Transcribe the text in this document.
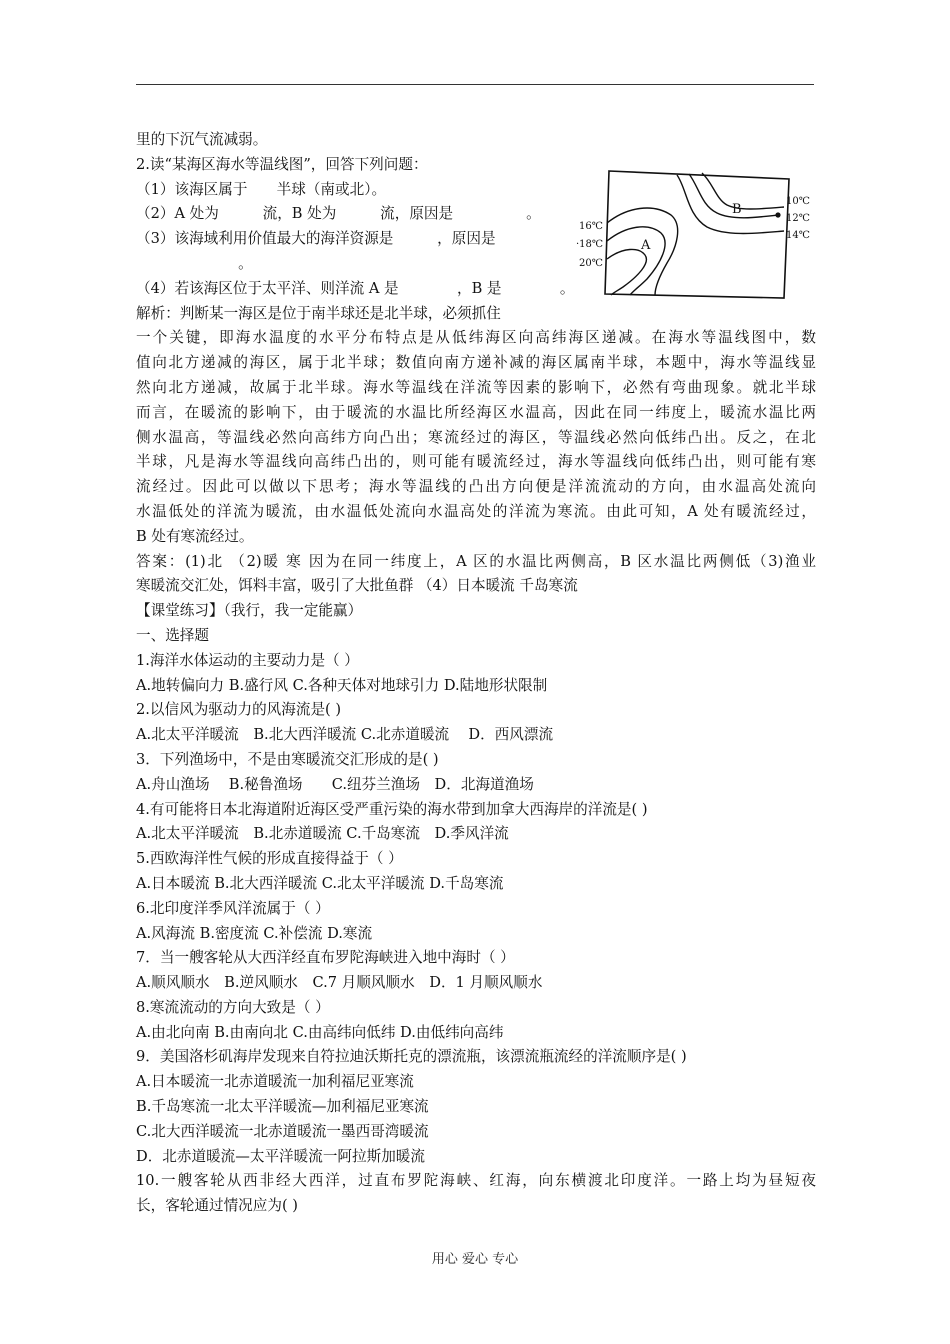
里的下沉气流减弱。
2.读“某海区海水等温线图”，回答下列问题：
（1）该海区属于　　半球（南或北）。
（2）A 处为　　　流，B 处为　　　流，原因是　　　　　。
（3）该海域利用价值最大的海洋资源是　　　，原因是
　　　　　　　。
（4）若该海区位于太平洋、则洋流 A 是　　　　，B 是　　　　。
解析：判断某一海区是位于南半球还是北半球，必须抓住
一个关键，即海水温度的水平分布特点是从低纬海区向高纬海区递减。在海水等温线图中，数
值向北方递减的海区，属于北半球；数值向南方递补减的海区属南半球，本题中，海水等温线显
然向北方递减，故属于北半球。海水等温线在洋流等因素的影响下，必然有弯曲现象。就北半球
而言，在暖流的影响下，由于暖流的水温比所经海区水温高，因此在同一纬度上，暖流水温比两
侧水温高，等温线必然向高纬方向凸出；寒流经过的海区，等温线必然向低纬凸出。反之，在北
半球，凡是海水等温线向高纬凸出的，则可能有暖流经过，海水等温线向低纬凸出，则可能有寒
流经过。因此可以做以下思考；海水等温线的凸出方向便是洋流流动的方向，由水温高处流向
水温低处的洋流为暖流，由水温低处流向水温高处的洋流为寒流。由此可知，A 处有暖流经过，
B 处有寒流经过。
答案：(1)北 （2)暖 寒 因为在同一纬度上，A 区的水温比两侧高，B 区水温比两侧低（3)渔业
寒暖流交汇处，饵料丰富，吸引了大批鱼群 （4）日本暖流 千岛寒流
【课堂练习】（我行，我一定能赢）
一、选择题
1.海洋水体运动的主要动力是（ ）
A.地转偏向力 B.盛行风 C.各种天体对地球引力 D.陆地形状限制
2.以信风为驱动力的风海流是( )
A.北太平洋暖流　B.北大西洋暖流 C.北赤道暖流　 D．西风漂流
3．下列渔场中，不是由寒暖流交汇形成的是( )
A.舟山渔场　 B.秘鲁渔场　　C.纽芬兰渔场　D．北海道渔场
4.有可能将日本北海道附近海区受严重污染的海水带到加拿大西海岸的洋流是( )
A.北太平洋暖流　B.北赤道暖流 C.千岛寒流　D.季风洋流
5.西欧海洋性气候的形成直接得益于（ ）
A.日本暖流 B.北大西洋暖流 C.北太平洋暖流 D.千岛寒流
6.北印度洋季风洋流属于（ ）
A.风海流 B.密度流 C.补偿流 D.寒流
7．当一艘客轮从大西洋经直布罗陀海峡进入地中海时（ ）
A.顺风顺水　B.逆风顺水　C.7 月顺风顺水　D．1 月顺风顺水
8.寒流流动的方向大致是（ ）
A.由北向南 B.由南向北 C.由高纬向低纬 D.由低纬向高纬
9．美国洛杉矶海岸发现来自符拉迪沃斯托克的漂流瓶，该漂流瓶流经的洋流顺序是( )
A.日本暖流一北赤道暖流一加利福尼亚寒流
B.千岛寒流一北太平洋暖流—加利福尼亚寒流
C.北大西洋暖流一北赤道暖流一墨西哥湾暖流
D．北赤道暖流—太平洋暖流一阿拉斯加暖流
10.一艘客轮从西非经大西洋，过直布罗陀海峡、红海，向东横渡北印度洋。一路上均为昼短夜
长，客轮通过情况应为( )
10℃
12℃
14℃
16℃
·18℃
20℃
A
B
用心 爱心 专心
